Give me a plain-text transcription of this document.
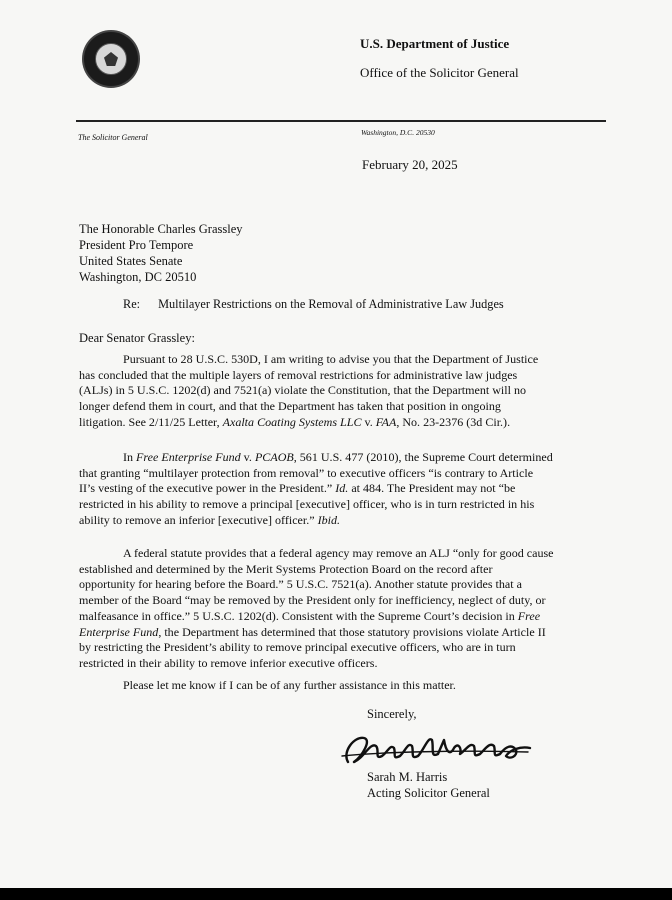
U.S. Department of Justice
Office of the Solicitor General
The Solicitor General
Washington, D.C. 20530
February 20, 2025
The Honorable Charles Grassley
President Pro Tempore
United States Senate
Washington, DC 20510
Re: Multilayer Restrictions on the Removal of Administrative Law Judges
Dear Senator Grassley:
Pursuant to 28 U.S.C. 530D, I am writing to advise you that the Department of Justice
has concluded that the multiple layers of removal restrictions for administrative law judges
(ALJs) in 5 U.S.C. 1202(d) and 7521(a) violate the Constitution, that the Department will no
longer defend them in court, and that the Department has taken that position in ongoing
litigation. See 2/11/25 Letter, Axalta Coating Systems LLC v. FAA, No. 23-2376 (3d Cir.).
In Free Enterprise Fund v. PCAOB, 561 U.S. 477 (2010), the Supreme Court determined
that granting “multilayer protection from removal” to executive officers “is contrary to Article
II’s vesting of the executive power in the President.” Id. at 484. The President may not “be
restricted in his ability to remove a principal [executive] officer, who is in turn restricted in his
ability to remove an inferior [executive] officer.” Ibid.
A federal statute provides that a federal agency may remove an ALJ “only for good cause
established and determined by the Merit Systems Protection Board on the record after
opportunity for hearing before the Board.” 5 U.S.C. 7521(a). Another statute provides that a
member of the Board “may be removed by the President only for inefficiency, neglect of duty, or
malfeasance in office.” 5 U.S.C. 1202(d). Consistent with the Supreme Court’s decision in Free
Enterprise Fund, the Department has determined that those statutory provisions violate Article II
by restricting the President’s ability to remove principal executive officers, who are in turn
restricted in their ability to remove inferior executive officers.
Please let me know if I can be of any further assistance in this matter.
Sincerely,
Sarah M. Harris
Acting Solicitor General
